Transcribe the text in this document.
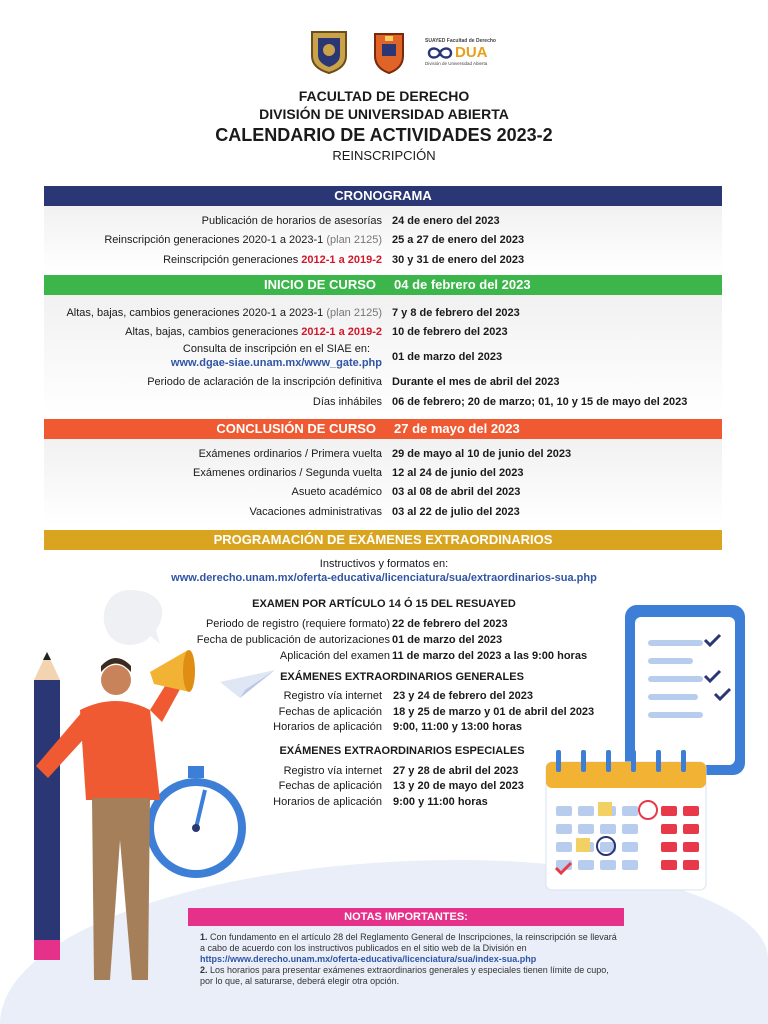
SUAYED Facultad de Derecho
DUA
División de Universidad Abierta
FACULTAD DE DERECHO
DIVISIÓN DE UNIVERSIDAD ABIERTA
CALENDARIO DE ACTIVIDADES 2023-2
REINSCRIPCIÓN
CRONOGRAMA
Publicación de horarios de asesorías 24 de enero del 2023
Reinscripción generaciones 2020-1 a 2023-1 (plan 2125) 25 a 27 de enero del 2023
Reinscripción generaciones 2012-1 a 2019-2 30 y 31 de enero del 2023
INICIO DE CURSO 04 de febrero del 2023
Altas, bajas, cambios generaciones 2020-1 a 2023-1 (plan 2125) 7 y 8 de febrero del 2023
Altas, bajas, cambios generaciones 2012-1 a 2019-2 10 de febrero del 2023
Consulta de inscripción en el SIAE en:
www.dgae-siae.unam.mx/www_gate.php 01 de marzo del 2023
Periodo de aclaración de la inscripción definitiva Durante el mes de abril del 2023
Días inhábiles 06 de febrero; 20 de marzo; 01, 10 y 15 de mayo del 2023
CONCLUSIÓN DE CURSO 27 de mayo del 2023
Exámenes ordinarios / Primera vuelta 29 de mayo al 10 de junio del 2023
Exámenes ordinarios / Segunda vuelta 12 al 24 de junio del 2023
Asueto académico 03 al 08 de abril del 2023
Vacaciones administrativas 03 al 22 de julio del 2023
PROGRAMACIÓN DE EXÁMENES EXTRAORDINARIOS
Instructivos y formatos en:
www.derecho.unam.mx/oferta-educativa/licenciatura/sua/extraordinarios-sua.php
EXAMEN POR ARTÍCULO 14 Ó 15 DEL RESUAYED
Periodo de registro (requiere formato) 22 de febrero del 2023
Fecha de publicación de autorizaciones 01 de marzo del 2023
Aplicación del examen 11 de marzo del 2023 a las 9:00 horas
EXÁMENES EXTRAORDINARIOS GENERALES
Registro vía internet 23 y 24 de febrero del 2023
Fechas de aplicación 18 y 25 de marzo y 01 de abril del 2023
Horarios de aplicación 9:00, 11:00 y 13:00 horas
EXÁMENES EXTRAORDINARIOS ESPECIALES
Registro vía internet 27 y 28 de abril del 2023
Fechas de aplicación 13 y 20 de mayo del 2023
Horarios de aplicación 9:00 y 11:00 horas
NOTAS IMPORTANTES:
1. Con fundamento en el artículo 28 del Reglamento General de Inscripciones, la reinscripción se llevará a cabo de acuerdo con los instructivos publicados en el sitio web de la División en
https://www.derecho.unam.mx/oferta-educativa/licenciatura/sua/index-sua.php
2. Los horarios para presentar exámenes extraordinarios generales y especiales tienen límite de cupo, por lo que, al saturarse, deberá elegir otra opción.
